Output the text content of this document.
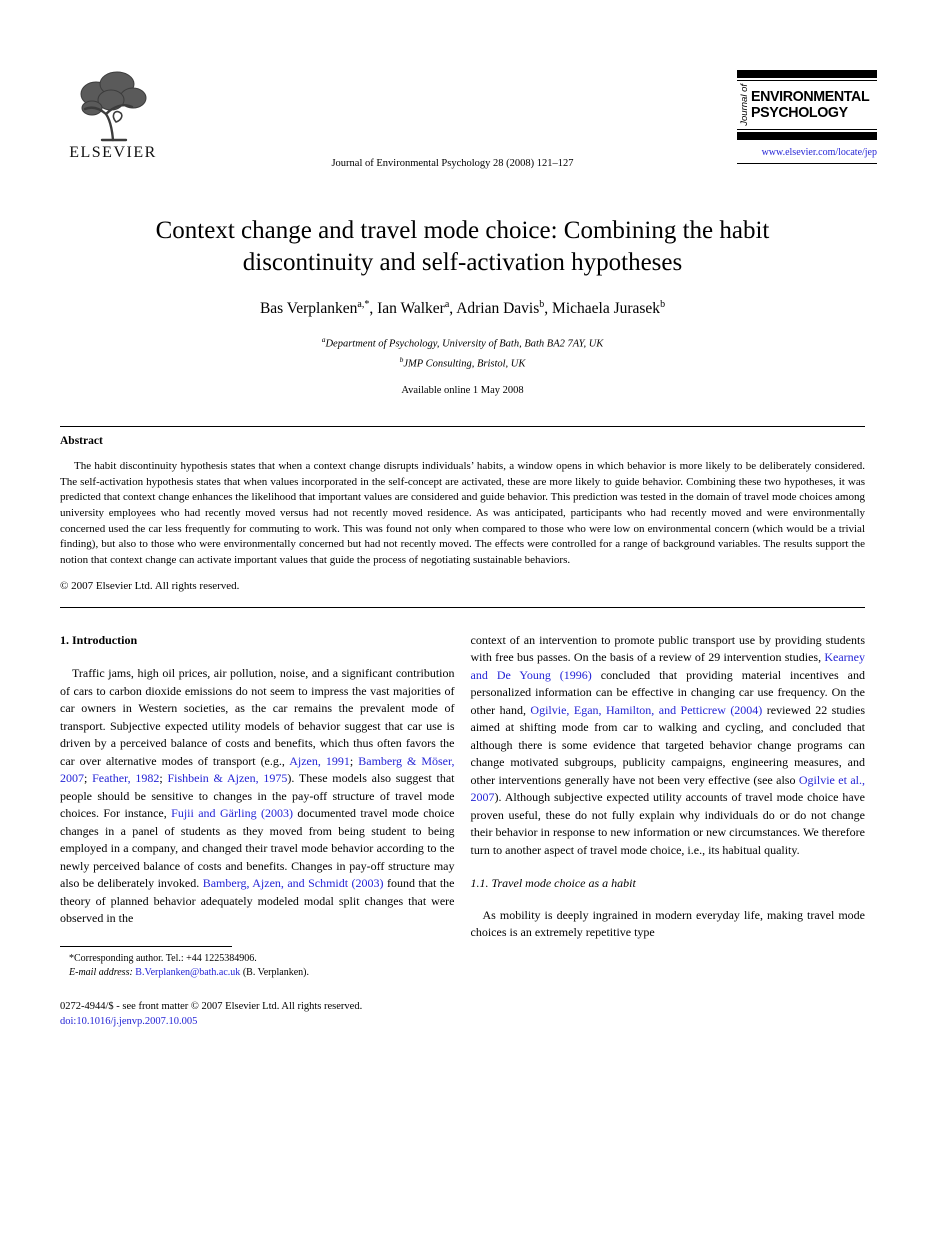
ELSEVIER
Journal of Environmental Psychology 28 (2008) 121–127
Journal of ENVIRONMENTAL
PSYCHOLOGY
www.elsevier.com/locate/jep
Context change and travel mode choice: Combining the habit discontinuity and self-activation hypotheses
Bas Verplanken$^{a,*}$, Ian Walker$^a$, Adrian Davis$^b$, Michaela Jurasek$^b$
$^a$Department of Psychology, University of Bath, Bath BA2 7AY, UK
$^b$JMP Consulting, Bristol, UK
Available online 1 May 2008
Abstract

The habit discontinuity hypothesis states that when a context change disrupts individuals’ habits, a window opens in which behavior is more likely to be deliberately considered. The self-activation hypothesis states that when values incorporated in the self-concept are activated, these are more likely to guide behavior. Combining these two hypotheses, it was predicted that context change enhances the likelihood that important values are considered and guide behavior. This prediction was tested in the domain of travel mode choices among university employees who had recently moved versus had not recently moved residence. As was anticipated, participants who had recently moved and were environmentally concerned used the car less frequently for commuting to work. This was found not only when compared to those who were low on environmental concern (which would be a trivial finding), but also to those who were environmentally concerned but had not recently moved. The effects were controlled for a range of background variables. The results support the notion that context change can activate important values that guide the process of negotiating sustainable behaviors.

© 2007 Elsevier Ltd. All rights reserved.
1. Introduction

Traffic jams, high oil prices, air pollution, noise, and a significant contribution of cars to carbon dioxide emissions do not seem to impress the vast majorities of car owners in Western societies, as the car remains the prevalent mode of transport. Subjective expected utility models of behavior suggest that car use is driven by a perceived balance of costs and benefits, which thus often favors the car over alternative modes of transport (e.g., Ajzen, 1991; Bamberg & Möser, 2007; Feather, 1982; Fishbein & Ajzen, 1975). These models also suggest that people should be sensitive to changes in the pay-off structure of travel mode choices. For instance, Fujii and Gärling (2003) documented travel mode choice changes in a panel of students as they moved from being student to being employed in a company, and changed their travel mode behavior according to the newly perceived balance of costs and benefits. Changes in pay-off structure may also be deliberately invoked. Bamberg, Ajzen, and Schmidt (2003) found that the theory of planned behavior adequately modeled modal split changes that were observed in the

*Corresponding author. Tel.: +44 1225384906.
E-mail address: B.Verplanken@bath.ac.uk (B. Verplanken).
0272-4944/$ - see front matter © 2007 Elsevier Ltd. All rights reserved.
doi:10.1016/j.jenvp.2007.10.005

context of an intervention to promote public transport use by providing students with free bus passes. On the basis of a review of 29 intervention studies, Kearney and De Young (1996) concluded that providing material incentives and personalized information can be effective in changing car use frequency. On the other hand, Ogilvie, Egan, Hamilton, and Petticrew (2004) reviewed 22 studies aimed at shifting mode from car to walking and cycling, and concluded that although there is some evidence that targeted behavior change programs can change motivated subgroups, publicity campaigns, engineering measures, and other interventions generally have not been very effective (see also Ogilvie et al., 2007). Although subjective expected utility accounts of travel mode choice have proven useful, these do not fully explain why individuals do or do not change their behavior in response to new information or new circumstances. We therefore turn to another aspect of travel mode choice, i.e., its habitual quality.

1.1. Travel mode choice as a habit

As mobility is deeply ingrained in modern everyday life, making travel mode choices is an extremely repetitive type
